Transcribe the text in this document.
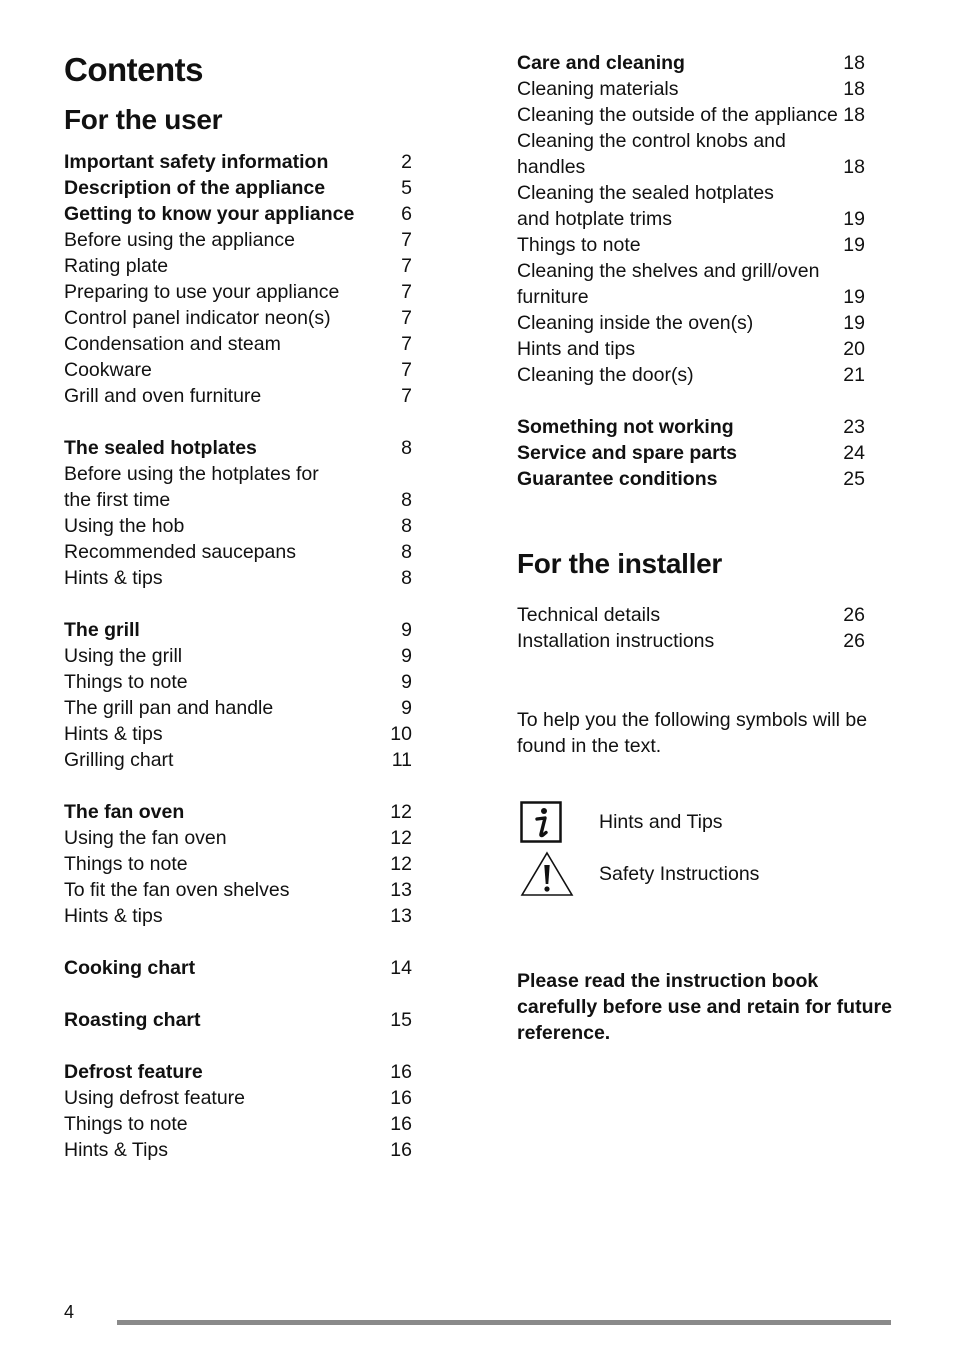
Contents
For the user
Important safety information	2
Description of the appliance	5
Getting to know your appliance	6
Before using the appliance	7
Rating plate	7
Preparing to use your appliance	7
Control panel indicator neon(s)	7
Condensation and steam	7
Cookware	7
Grill and oven furniture	7
The sealed hotplates	8
Before using the hotplates for
the first time	8
Using the hob	8
Recommended saucepans	8
Hints & tips	8
The grill	9
Using the grill	9
Things to note	9
The grill pan and handle	9
Hints & tips	10
Grilling chart	11
The fan oven	12
Using the fan oven	12
Things to note	12
To fit the fan oven shelves	13
Hints & tips	13
Cooking chart	14
Roasting chart	15
Defrost feature	16
Using defrost feature	16
Things to note	16
Hints & Tips	16
Care and cleaning	18
Cleaning materials	18
Cleaning the outside of the appliance 18
Cleaning the control knobs and
handles	18
Cleaning the sealed hotplates
and hotplate trims	19
Things to note	19
Cleaning the shelves and grill/oven
furniture	19
Cleaning inside the oven(s)	19
Hints and tips	20
Cleaning the door(s)	21
Something not working	23
Service and spare parts	24
Guarantee conditions	25
For the installer
Technical details	26
Installation instructions	26
To help you the following symbols will be found in the text.
Hints and Tips
Safety Instructions
Please read the instruction book carefully before use and retain for future reference.
4
